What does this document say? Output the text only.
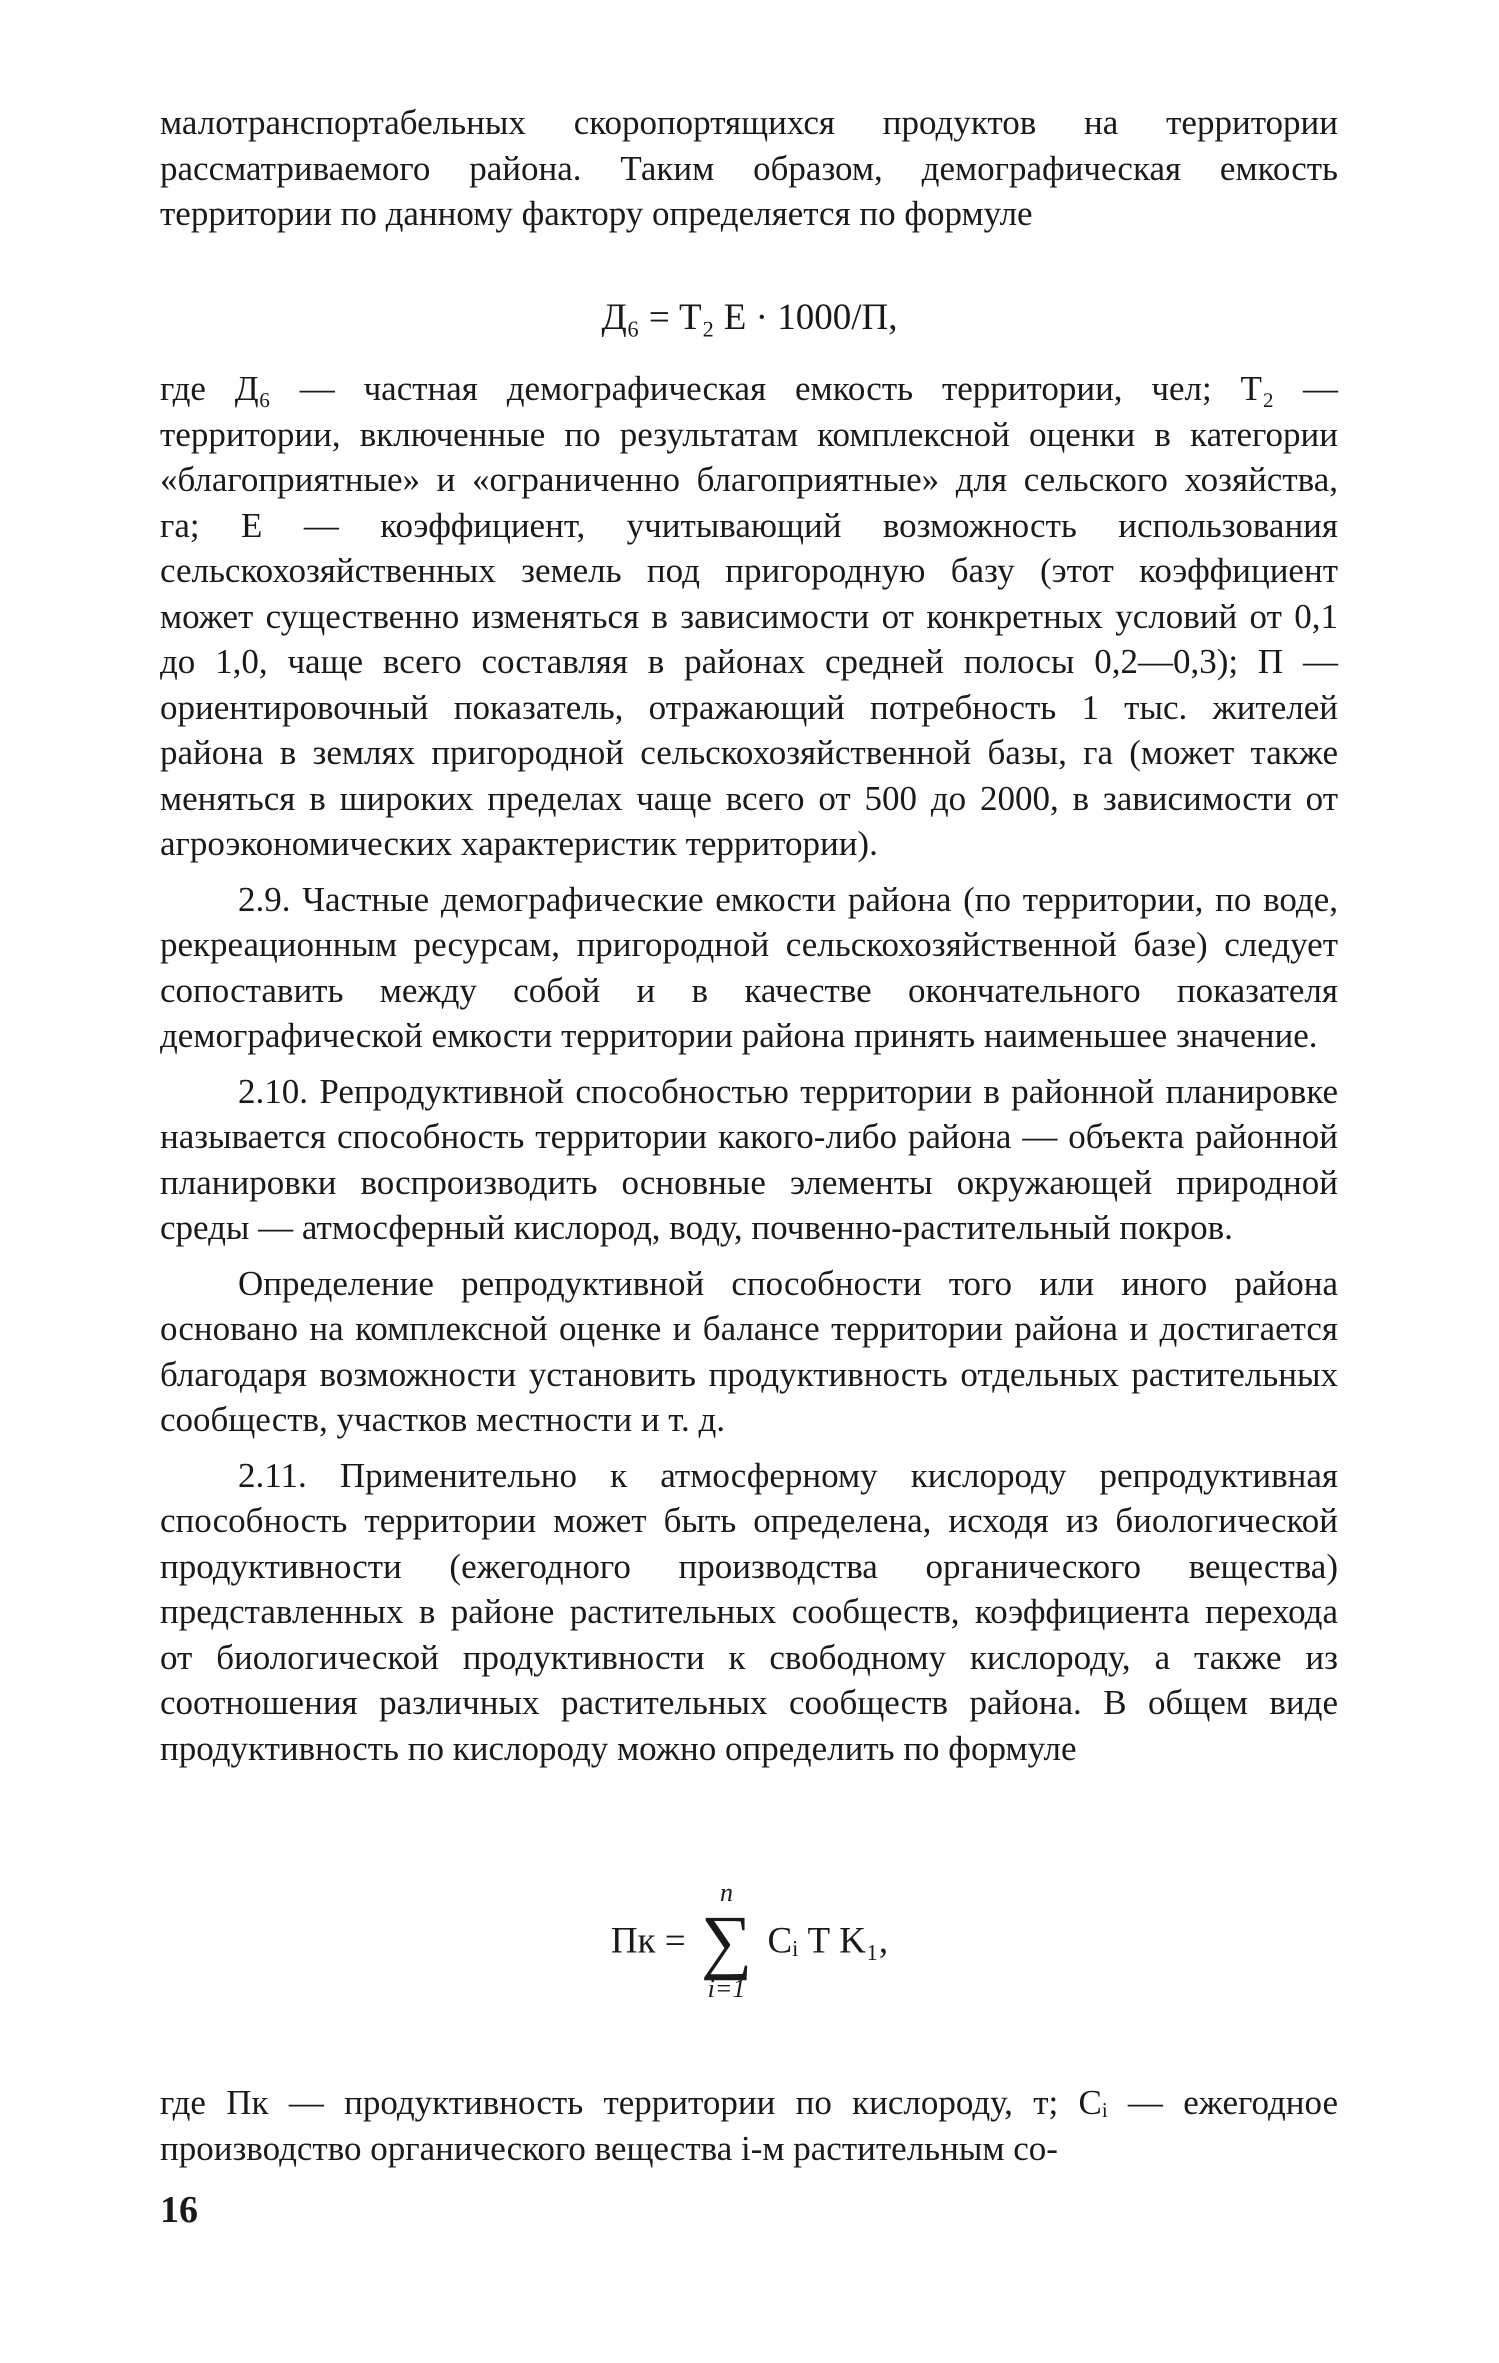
малотранспортабельных скоропортящихся продуктов на территории рассматриваемого района. Таким образом, демографическая емкость территории по данному фактору определяется по формуле

Д₆ = Т₂ Е · 1000/П,

где Д₆ — частная демографическая емкость территории, чел; Т₂ — территории, включенные по результатам комплексной оценки в категории «благоприятные» и «ограниченно благоприятные» для сельского хозяйства, га; Е — коэффициент, учитывающий возможность использования сельскохозяйственных земель под пригородную базу (этот коэффициент может существенно изменяться в зависимости от конкретных условий от 0,1 до 1,0, чаще всего составляя в районах средней полосы 0,2—0,3); П — ориентировочный показатель, отражающий потребность 1 тыс. жителей района в землях пригородной сельскохозяйственной базы, га (может также меняться в широких пределах чаще всего от 500 до 2000, в зависимости от агроэкономических характеристик территории).

2.9. Частные демографические емкости района (по территории, по воде, рекреационным ресурсам, пригородной сельскохозяйственной базе) следует сопоставить между собой и в качестве окончательного показателя демографической емкости территории района принять наименьшее значение.

2.10. Репродуктивной способностью территории в районной планировке называется способность территории какого-либо района — объекта районной планировки воспроизводить основные элементы окружающей природной среды — атмосферный кислород, воду, почвенно-растительный покров.

Определение репродуктивной способности того или иного района основано на комплексной оценке и балансе территории района и достигается благодаря возможности установить продуктивность отдельных растительных сообществ, участков местности и т. д.

2.11. Применительно к атмосферному кислороду репродуктивная способность территории может быть определена, исходя из биологической продуктивности (ежегодного производства органического вещества) представленных в районе растительных сообществ, коэффициента перехода от биологической продуктивности к свободному кислороду, а также из соотношения различных растительных сообществ района. В общем виде продуктивность по кислороду можно определить по формуле

Пк =
n
∑
i=1
Cᵢ Т K₁,

где Пк — продуктивность территории по кислороду, т; Cᵢ — ежегодное производство органического вещества i-м растительным со-

16
